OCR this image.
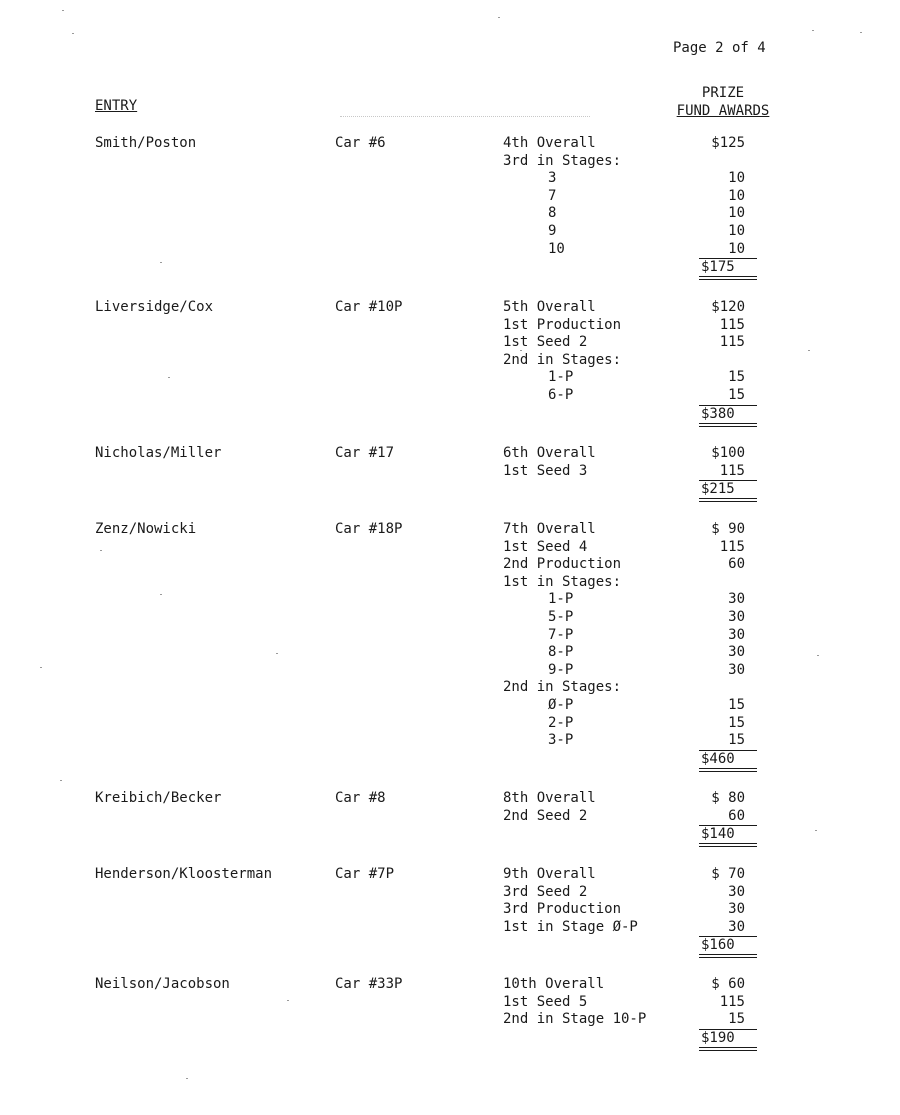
Page 2 of 4
ENTRY
PRIZE
FUND AWARDS
Smith/Poston	Car #6	4th Overall	$125
3rd in Stages:
3	10
7	10
8	10
9	10
10	10
$175
Liversidge/Cox	Car #10P	5th Overall	$120
1st Production	115
1st Seed 2	115
2nd in Stages:
1-P	15
6-P	15
$380
Nicholas/Miller	Car #17	6th Overall	$100
1st Seed 3	115
$215
Zenz/Nowicki	Car #18P	7th Overall	$ 90
1st Seed 4	115
2nd Production	60
1st in Stages:
1-P	30
5-P	30
7-P	30
8-P	30
9-P	30
2nd in Stages:
Ø-P	15
2-P	15
3-P	15
$460
Kreibich/Becker	Car #8	8th Overall	$ 80
2nd Seed 2	60
$140
Henderson/Kloosterman	Car #7P	9th Overall	$ 70
3rd Seed 2	30
3rd Production	30
1st in Stage Ø-P	30
$160
Neilson/Jacobson	Car #33P	10th Overall	$ 60
1st Seed 5	115
2nd in Stage 10-P	15
$190
